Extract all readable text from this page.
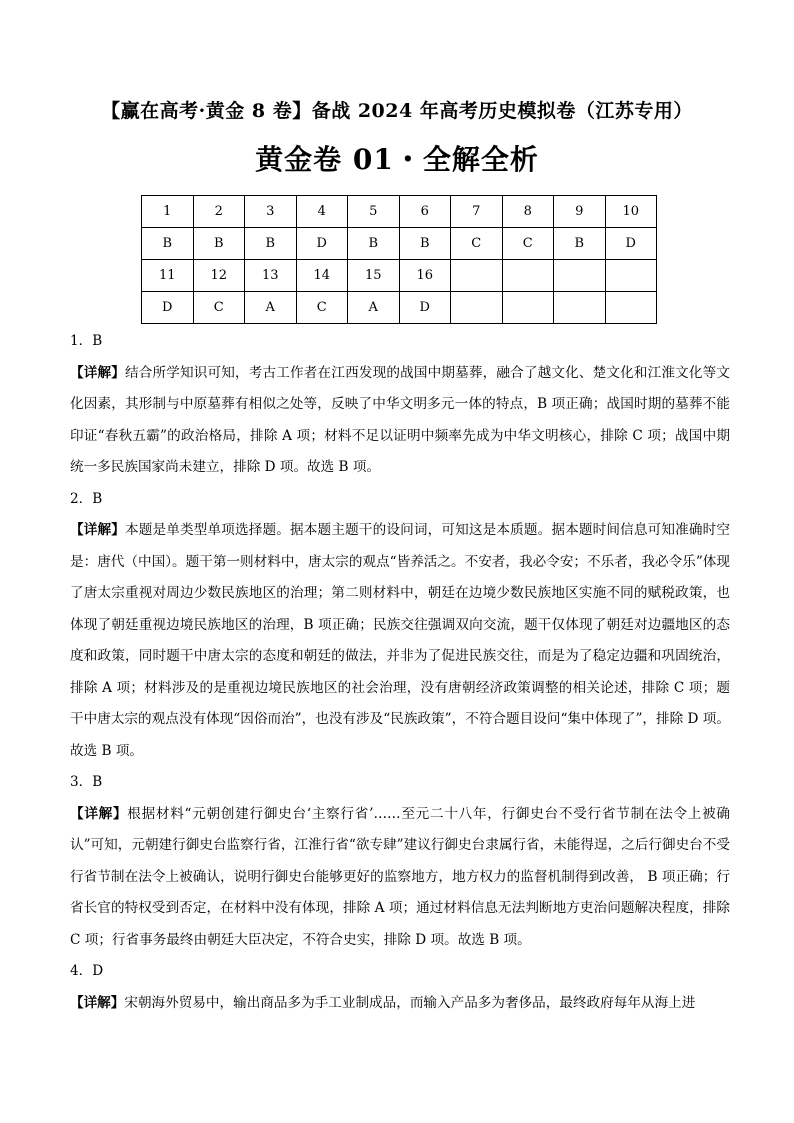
【赢在高考·黄金 8 卷】备战 2024 年高考历史模拟卷（江苏专用）
黄金卷 01・全解全析
1	2	3	4	5	6	7	8	9	10
B	B	B	D	B	B	C	C	B	D
11	12	13	14	15	16				
D	C	A	C	A	D				

1．B

【详解】结合所学知识可知，考古工作者在江西发现的战国中期墓葬，融合了越文化、楚文化和江淮文化等文化因素，其形制与中原墓葬有相似之处等，反映了中华文明多元一体的特点，B 项正确；战国时期的墓葬不能印证“春秋五霸”的政治格局，排除 A 项；材料不足以证明中频率先成为中华文明核心，排除 C 项；战国中期统一多民族国家尚未建立，排除 D 项。故选 B 项。

2．B

【详解】本题是单类型单项选择题。据本题主题干的设问词，可知这是本质题。据本题时间信息可知准确时空是：唐代（中国）。题干第一则材料中，唐太宗的观点“皆养活之。不安者，我必令安；不乐者，我必令乐”体现了唐太宗重视对周边少数民族地区的治理；第二则材料中，朝廷在边境少数民族地区实施不同的赋税政策，也体现了朝廷重视边境民族地区的治理，B 项正确；民族交往强调双向交流，题干仅体现了朝廷对边疆地区的态度和政策，同时题干中唐太宗的态度和朝廷的做法，并非为了促进民族交往，而是为了稳定边疆和巩固统治，排除 A 项；材料涉及的是重视边境民族地区的社会治理，没有唐朝经济政策调整的相关论述，排除 C 项；题干中唐太宗的观点没有体现“因俗而治”，也没有涉及“民族政策”，不符合题目设问“集中体现了”，排除 D 项。故选 B 项。

3．B

【详解】根据材料“元朝创建行御史台‘主察行省’……至元二十八年，行御史台不受行省节制在法令上被确认”可知，元朝建行御史台监察行省，江淮行省“欲专肆”建议行御史台隶属行省，未能得逞，之后行御史台不受行省节制在法令上被确认，说明行御史台能够更好的监察地方，地方权力的监督机制得到改善， B 项正确；行省长官的特权受到否定，在材料中没有体现，排除 A 项；通过材料信息无法判断地方吏治问题解决程度，排除 C 项；行省事务最终由朝廷大臣决定，不符合史实，排除 D 项。故选 B 项。

4．D

【详解】宋朝海外贸易中，输出商品多为手工业制成品，而输入产品多为奢侈品，最终政府每年从海上进
